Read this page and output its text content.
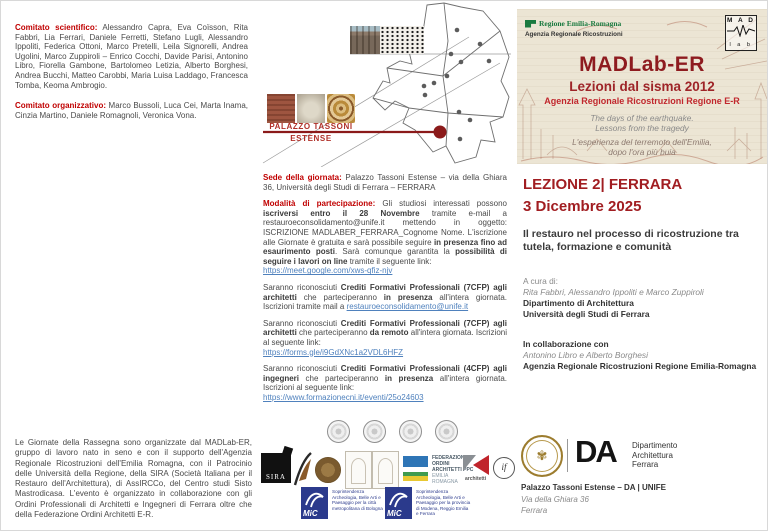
Comitato scientifico: Alessandro Capra, Eva Coïsson, Rita Fabbri, Lia Ferrari, Daniele Ferretti, Stefano Lugli, Alessandro Ippoliti, Federica Ottoni, Marco Pretelli, Leila Signorelli, Andrea Ugolini, Marco Zuppiroli – Enrico Cocchi, Davide Parisi, Antonino Libro, Fiorella Gambone, Bartolomeo Letizia, Alberto Borghesi, Andrea Bucchi, Matteo Carobbi, Maria Luisa Laddago, Francesca Tomba, Keoma Ambrogio.

Comitato organizzativo: Marco Bussoli, Luca Cei, Marta Inama, Cinzia Martino, Daniele Romagnoli, Veronica Vona.

Le Giornate della Rassegna sono organizzate dal MADLab-ER, gruppo di lavoro nato in seno e con il supporto dell'Agenzia Regionale Ricostruzioni dell'Emilia Romagna, con il Patrocinio delle Università della Regione, della SIRA (Società Italiana per il Restauro dell'Architettura), di AssIRCCo, del Centro studi Sisto Mastrodicasa. L'evento è organizzato in collaborazione con gli Ordini Professionali di Architetti e Ingegneri di Ferrara oltre che della Federazione Ordini Architetti E-R.

PALAZZO TASSONI
ESTENSE

Sede della giornata: Palazzo Tassoni Estense – via della Ghiara 36, Università degli Studi di Ferrara – FERRARA

Modalità di partecipazione: Gli studiosi interessati possono iscriversi entro il 28 Novembre tramite e-mail a restauroeconsolidamento@unife.it mettendo in oggetto: ISCRIZIONE MADLABER_FERRARA_Cognome Nome. L'iscrizione alle Giornate è gratuita e sarà possibile seguire in presenza fino ad esaurimento posti. Sarà comunque garantita la possibilità di seguire i lavori on line tramite il seguente link:
https://meet.google.com/xws-qfiz-njv

Saranno riconosciuti Crediti Formativi Professionali (7CFP) agli architetti che parteciperanno in presenza all'intera giornata. Iscrizioni tramite mail a restauroeconsolidamento@unife.it

Saranno riconosciuti Crediti Formativi Professionali (7CFP) agli architetti che parteciperanno da remoto all'intera giornata. Iscrizioni al seguente link:
https://forms.gle/i9GdXNc1a2VDL6HFZ

Saranno riconosciuti Crediti Formativi Professionali (4CFP) agli ingegneri che parteciperanno in presenza all'intera giornata. Iscrizioni al seguente link:
https://www.formazionecni.it/eventi/25o24603

SIRA
FEDERAZIONE
ORDINI
ARCHITETTI PPC
EMILIA
ROMAGNA	architetti
if
MiC
Soprintendenza Archeologia, Belle Arti e Paesaggio per la città metropolitana di Bologna
MiC
Soprintendenza Archeologia, Belle Arti e Paesaggio per la provincia di Modena, Reggio Emilia e Ferrara
Regione Emilia-Romagna
Agenzia Regionale Ricostruzioni
M A D
l a b
MADLab-ER
Lezioni dal sisma 2012
Agenzia Regionale Ricostruzioni Regione E-R
The days of the earthquake.
Lessons from the tragedy
L'esperienza del terremoto dell'Emilia,
dopo l'ora più buia
LEZIONE 2| FERRARA
3 Dicembre 2025
Il restauro nel processo di ricostruzione tra tutela, formazione e comunità
A cura di:
Rita Fabbri, Alessandro Ippoliti e Marco Zuppiroli
Dipartimento di Architettura
Università degli Studi di Ferrara
In collaborazione con
Antonino Libro e Alberto Borghesi
Agenzia Regionale Ricostruzioni Regione Emilia-Romagna
✾ DA Dipartimento
Architettura
Ferrara
Palazzo Tassoni Estense – DA | UNIFE
Via della Ghiara 36
Ferrara
